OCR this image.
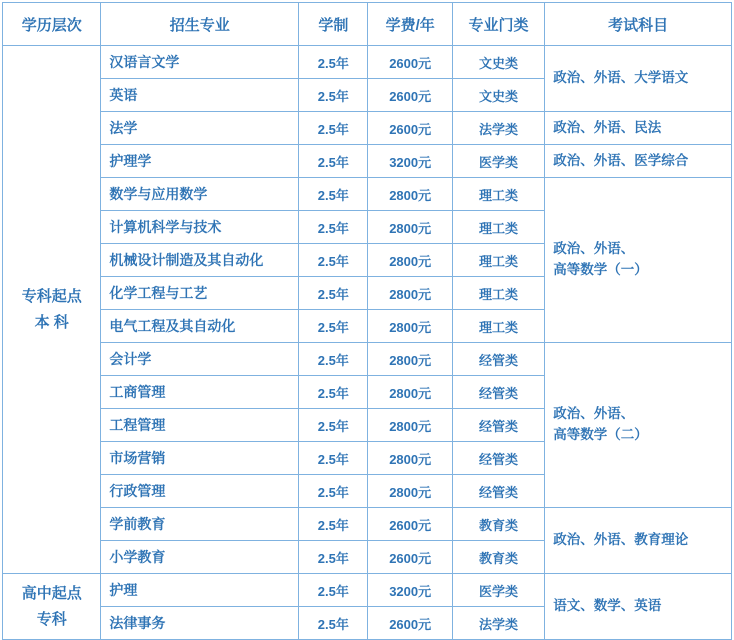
学历层次	招生专业	学制	学费/年	专业门类	考试科目

专科起点
本 科	汉语言文学	2.5年	2600元	文史类	政治、外语、大学语文
	英语	2.5年	2600元	文史类	
	法学	2.5年	2600元	法学类	政治、外语、民法
	护理学	2.5年	3200元	医学类	政治、外语、医学综合
	数学与应用数学	2.5年	2800元	理工类	政治、外语、
高等数学（一）

	计算机科学与技术	2.5年	2800元	理工类	
	机械设计制造及其自动化	2.5年	2800元	理工类	
	化学工程与工艺	2.5年	2800元	理工类	
	电气工程及其自动化	2.5年	2800元	理工类	
	会计学	2.5年	2800元	经管类	政治、外语、
高等数学（二）

	工商管理	2.5年	2800元	经管类	
	工程管理	2.5年	2800元	经管类	
	市场营销	2.5年	2800元	经管类	
	行政管理	2.5年	2800元	经管类	
	学前教育	2.5年	2600元	教育类	政治、外语、教育理论
	小学教育	2.5年	2600元	教育类	

高中起点
专科	护理	2.5年	3200元	医学类	语文、数学、英语
	法律事务	2.5年	2600元	法学类	
